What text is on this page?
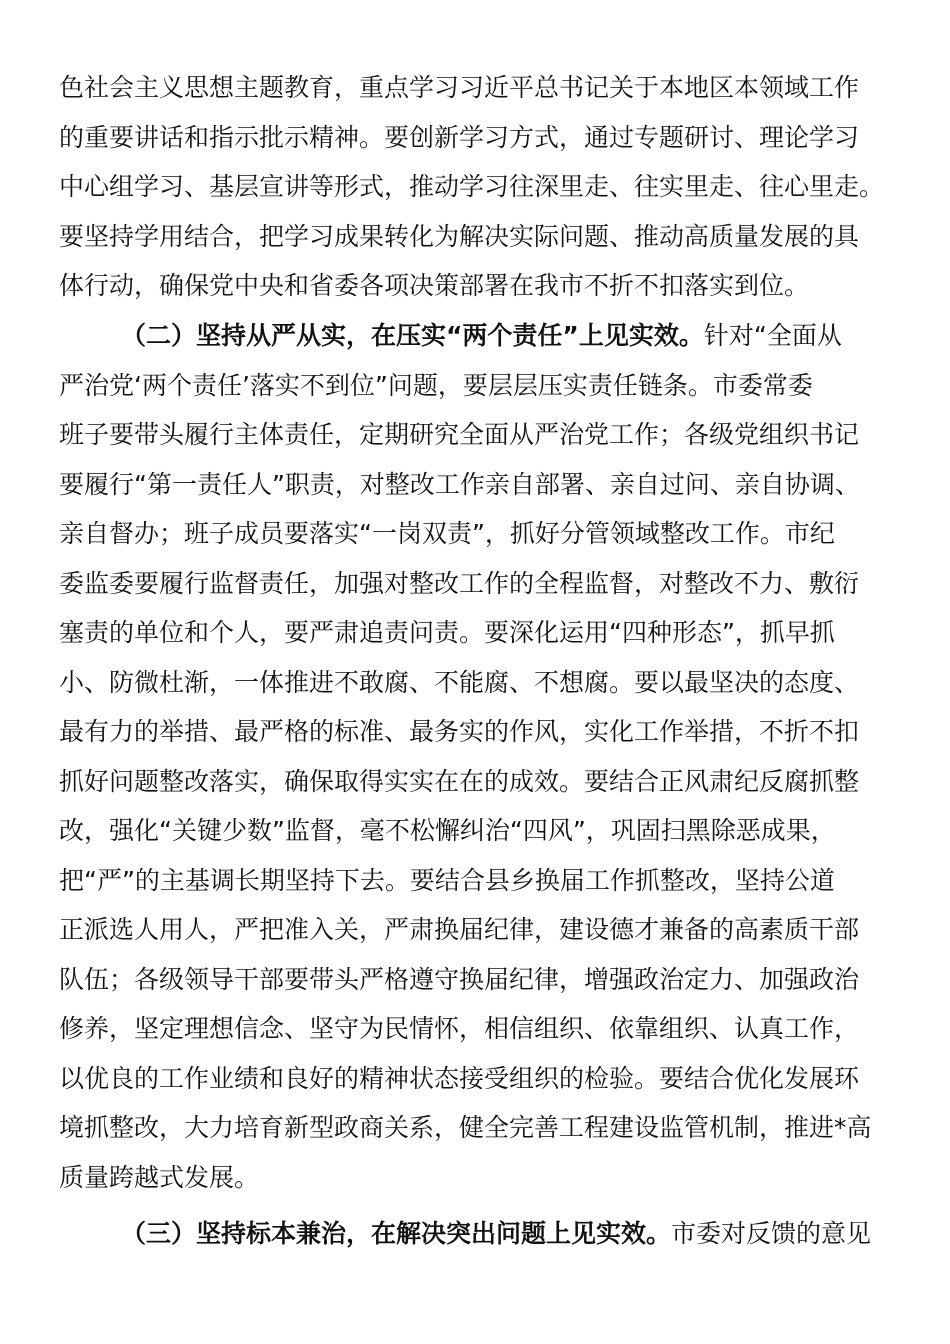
色社会主义思想主题教育，重点学习习近平总书记关于本地区本领域工作
的重要讲话和指示批示精神。要创新学习方式，通过专题研讨、理论学习
中心组学习、基层宣讲等形式，推动学习往深里走、往实里走、往心里走。
要坚持学用结合，把学习成果转化为解决实际问题、推动高质量发展的具
体行动，确保党中央和省委各项决策部署在我市不折不扣落实到位。
（二）坚持从严从实，在压实“两个责任”上见实效。针对“全面从
严治党‘两个责任’落实不到位”问题，要层层压实责任链条。市委常委
班子要带头履行主体责任，定期研究全面从严治党工作；各级党组织书记
要履行“第一责任人”职责，对整改工作亲自部署、亲自过问、亲自协调、
亲自督办；班子成员要落实“一岗双责”，抓好分管领域整改工作。市纪
委监委要履行监督责任，加强对整改工作的全程监督，对整改不力、敷衍
塞责的单位和个人，要严肃追责问责。要深化运用“四种形态”，抓早抓
小、防微杜渐，一体推进不敢腐、不能腐、不想腐。要以最坚决的态度、
最有力的举措、最严格的标准、最务实的作风，实化工作举措，不折不扣
抓好问题整改落实，确保取得实实在在的成效。要结合正风肃纪反腐抓整
改，强化“关键少数”监督，毫不松懈纠治“四风”，巩固扫黑除恶成果，
把“严”的主基调长期坚持下去。要结合县乡换届工作抓整改，坚持公道
正派选人用人，严把准入关，严肃换届纪律，建设德才兼备的高素质干部
队伍；各级领导干部要带头严格遵守换届纪律，增强政治定力、加强政治
修养，坚定理想信念、坚守为民情怀，相信组织、依靠组织、认真工作，
以优良的工作业绩和良好的精神状态接受组织的检验。要结合优化发展环
境抓整改，大力培育新型政商关系，健全完善工程建设监管机制，推进*高
质量跨越式发展。
（三）坚持标本兼治，在解决突出问题上见实效。市委对反馈的意见
